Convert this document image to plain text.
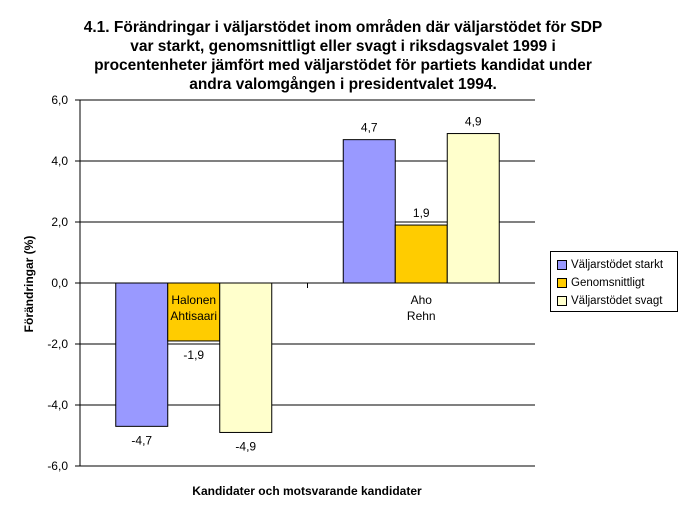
4.1. Förändringar i väljarstödet inom områden där väljarstödet för SDP
var starkt, genomsnittligt eller svagt i riksdagsvalet 1999 i
procentenheter jämfört med väljarstödet för partiets kandidat under
andra valomgången i presidentvalet 1994.
6,0
4,0
2,0
0,0
-2,0
-4,0
-6,0
-4,7
4,7
-1,9
1,9
-4,9
4,9
Halonen
Ahtisaari
Aho
Rehn
Förändringar (%)
Kandidater och motsvarande kandidater
Väljarstödet starkt
Genomsnittligt
Väljarstödet svagt
